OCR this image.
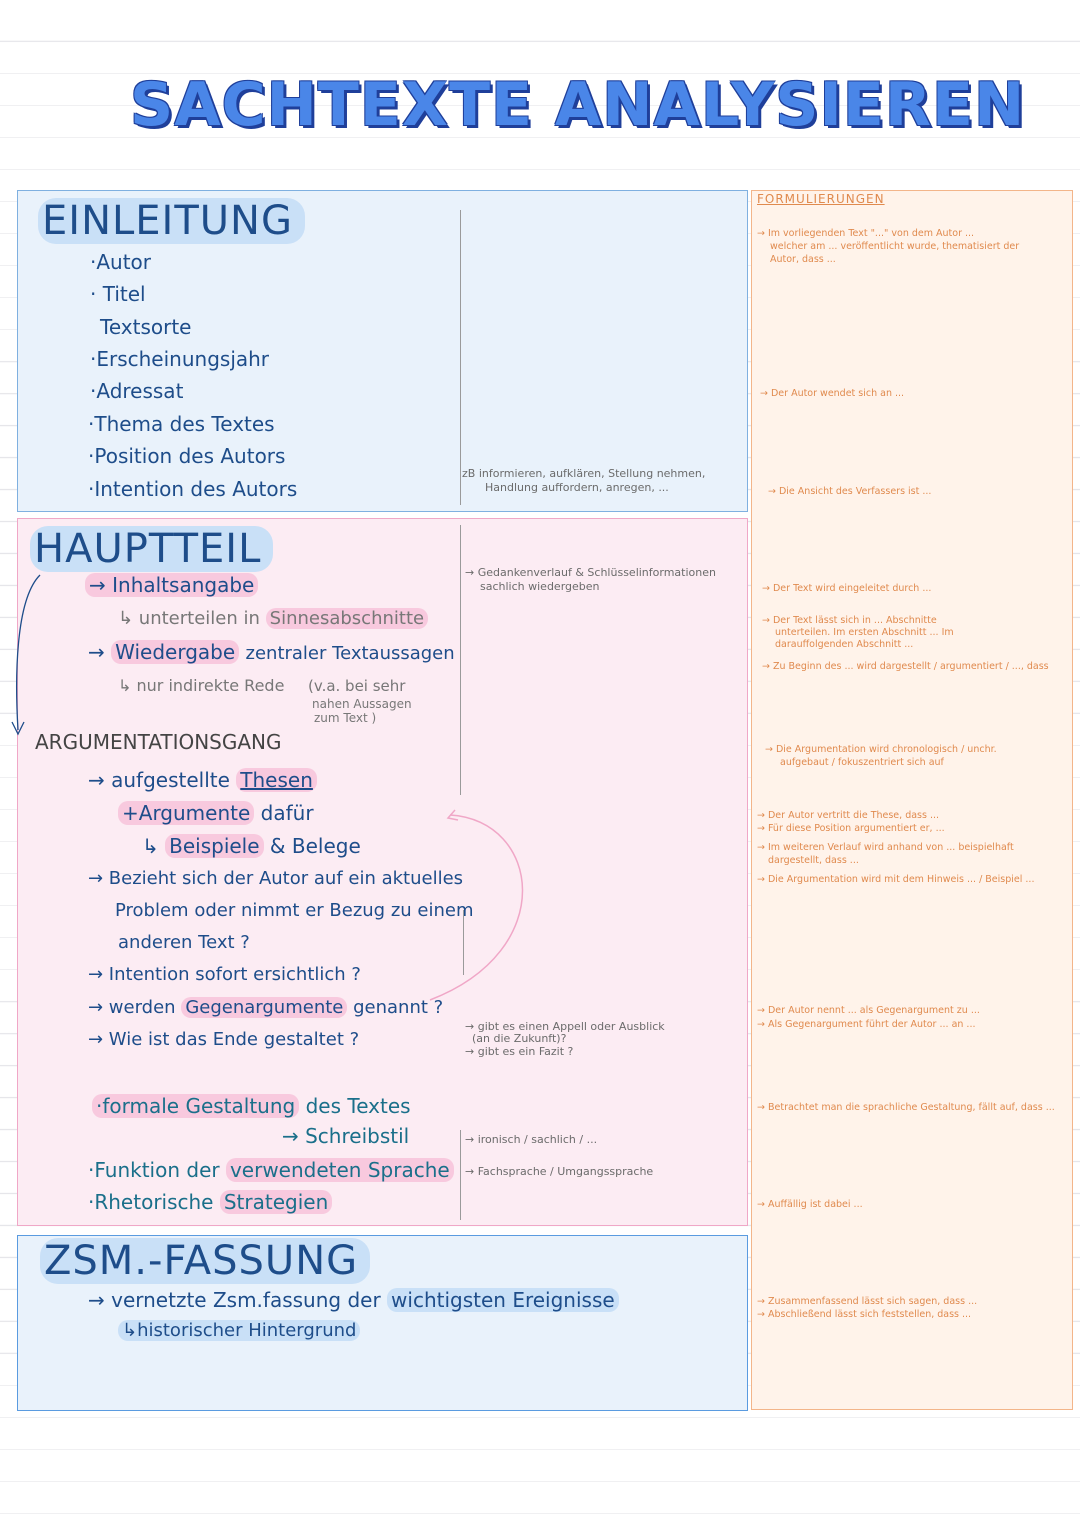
SACHTEXTE ANALYSIEREN
EINLEITUNG
·Autor
· Titel
Textsorte
·Erscheinungsjahr
·Adressat
·Thema des Textes
·Position des Autors
·Intention des Autors
zB informieren, aufklären, Stellung nehmen,
Handlung auffordern, anregen, ...
HAUPTTEIL
→ Inhaltsangabe
↳ unterteilen in Sinnesabschnitte
→ Wiedergabe zentraler Textaussagen
↳ nur indirekte Rede (v.a. bei sehr
nahen Aussagen
zum Text )
→ Gedankenverlauf & Schlüsselinformationen
sachlich wiedergeben
ARGUMENTATIONSGANG
→ aufgestellte Thesen
+Argumente dafür
↳ Beispiele & Belege
→ Bezieht sich der Autor auf ein aktuelles
Problem oder nimmt er Bezug zu einem
anderen Text ?
→ Intention sofort ersichtlich ?
→ werden Gegenargumente genannt ?
→ Wie ist das Ende gestaltet ?
→ gibt es einen Appell oder Ausblick
(an die Zukunft)?
→ gibt es ein Fazit ?
·formale Gestaltung des Textes
→ Schreibstil
·Funktion der verwendeten Sprache
·Rhetorische Strategien
→ ironisch / sachlich / ...
→ Fachsprache / Umgangssprache
ZSM.-FASSUNG
→ vernetzte Zsm.fassung der wichtigsten Ereignisse
↳historischer Hintergrund
FORMULIERUNGEN
→ Im vorliegenden Text "..." von dem Autor ...
welcher am ... veröffentlicht wurde, thematisiert der
Autor, dass ...
→ Der Autor wendet sich an ...
→ Die Ansicht des Verfassers ist ...
→ Der Text wird eingeleitet durch ...
→ Der Text lässt sich in ... Abschnitte
unterteilen. Im ersten Abschnitt ... Im
darauffolgenden Abschnitt ...
→ Zu Beginn des ... wird dargestellt / argumentiert / ..., dass
→ Die Argumentation wird chronologisch / unchr.
aufgebaut / fokuszentriert sich auf
→ Der Autor vertritt die These, dass ...
→ Für diese Position argumentiert er, ...
→ Im weiteren Verlauf wird anhand von ... beispielhaft
dargestellt, dass ...
→ Die Argumentation wird mit dem Hinweis ... / Beispiel ...
→ Der Autor nennt ... als Gegenargument zu ...
→ Als Gegenargument führt der Autor ... an ...
→ Betrachtet man die sprachliche Gestaltung, fällt auf, dass ...
→ Auffällig ist dabei ...
→ Zusammenfassend lässt sich sagen, dass ...
→ Abschließend lässt sich feststellen, dass ...
